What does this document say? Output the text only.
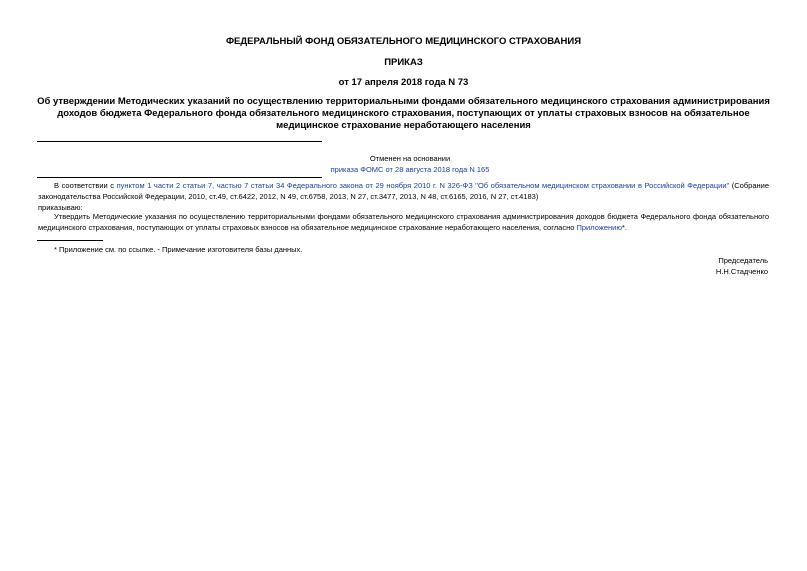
ФЕДЕРАЛЬНЫЙ ФОНД ОБЯЗАТЕЛЬНОГО МЕДИЦИНСКОГО СТРАХОВАНИЯ
ПРИКАЗ
от 17 апреля 2018 года N 73
Об утверждении Методических указаний по осуществлению территориальными фондами обязательного медицинского страхования администрирования доходов бюджета Федерального фонда обязательного медицинского страхования, поступающих от уплаты страховых взносов на обязательное медицинское страхование неработающего населения
Отменен на основании
приказа ФОМС от 28 августа 2018 года N 165
В соответствии с пунктом 1 части 2 статьи 7, частью 7 статьи 34 Федерального закона от 29 ноября 2010 г. N 326-ФЗ "Об обязательном медицинском страховании в Российской Федерации" (Собрание законодательства Российской Федерации, 2010, ст.49, ст.6422, 2012, N 49, ст.6758, 2013, N 27, ст.3477, 2013, N 48, ст.6165, 2016, N 27, ст.4183)
приказываю:
Утвердить Методические указания по осуществлению территориальными фондами обязательного медицинского страхования администрирования доходов бюджета Федерального фонда обязательного медицинского страхования, поступающих от уплаты страховых взносов на обязательное медицинское страхование неработающего населения, согласно Приложению*.
* Приложение см. по ссылке. - Примечание изготовителя базы данных.
Председатель
Н.Н.Стадченко
